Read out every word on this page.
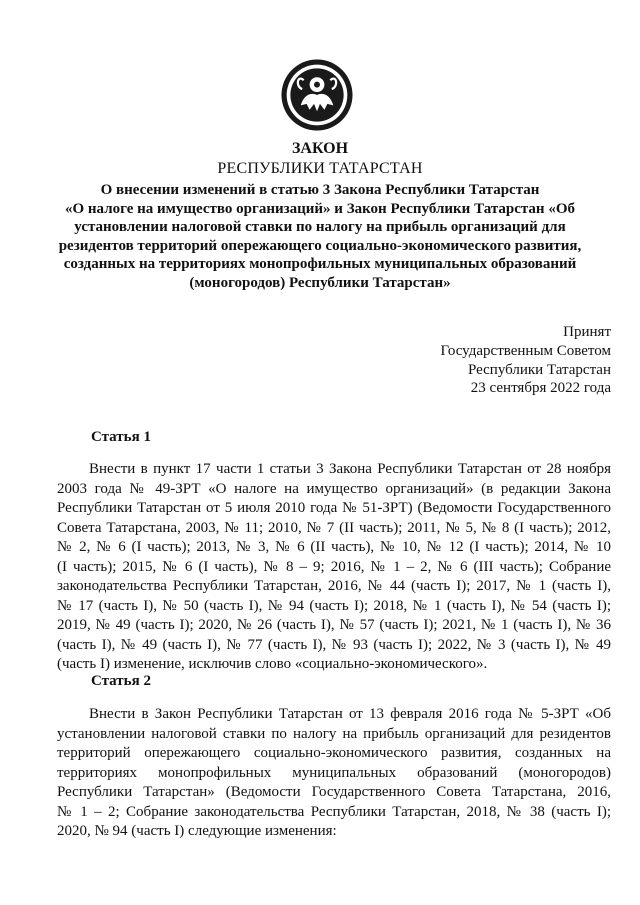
ЗАКОН
РЕСПУБЛИКИ ТАТАРСТАН
О внесении изменений в статью 3 Закона Республики Татарстан
«О налоге на имущество организаций» и Закон Республики Татарстан «Об
установлении налоговой ставки по налогу на прибыль организаций для
резидентов территорий опережающего социально-экономического развития,
созданных на территориях монопрофильных муниципальных образований
(моногородов) Республики Татарстан»
Принят
Государственным Советом
Республики Татарстан
23 сентября 2022 года
Статья 1
Внести в пункт 17 части 1 статьи 3 Закона Республики Татарстан от 28 ноября
2003 года № 49-ЗРТ «О налоге на имущество организаций» (в редакции Закона
Республики Татарстан от 5 июля 2010 года № 51-ЗРТ) (Ведомости Государственного
Совета Татарстана, 2003, № 11; 2010, № 7 (II часть); 2011, № 5, № 8 (I часть); 2012,
№ 2, № 6 (I часть); 2013, № 3, № 6 (II часть), № 10, № 12 (I часть); 2014, № 10
(I часть); 2015, № 6 (I часть), № 8 – 9; 2016, № 1 – 2, № 6 (III часть); Собрание
законодательства Республики Татарстан, 2016, № 44 (часть I); 2017, № 1 (часть I),
№ 17 (часть I), № 50 (часть I), № 94 (часть I); 2018, № 1 (часть I), № 54 (часть I);
2019, № 49 (часть I); 2020, № 26 (часть I), № 57 (часть I); 2021, № 1 (часть I), № 36
(часть I), № 49 (часть I), № 77 (часть I), № 93 (часть I); 2022, № 3 (часть I), № 49
(часть I) изменение, исключив слово «социально-экономического».
Статья 2
Внести в Закон Республики Татарстан от 13 февраля 2016 года № 5-ЗРТ «Об
установлении налоговой ставки по налогу на прибыль организаций для резидентов
территорий опережающего социально-экономического развития, созданных на
территориях монопрофильных муниципальных образований (моногородов)
Республики Татарстан» (Ведомости Государственного Совета Татарстана, 2016,
№ 1 – 2; Собрание законодательства Республики Татарстан, 2018, № 38 (часть I);
2020, № 94 (часть I) следующие изменения:
